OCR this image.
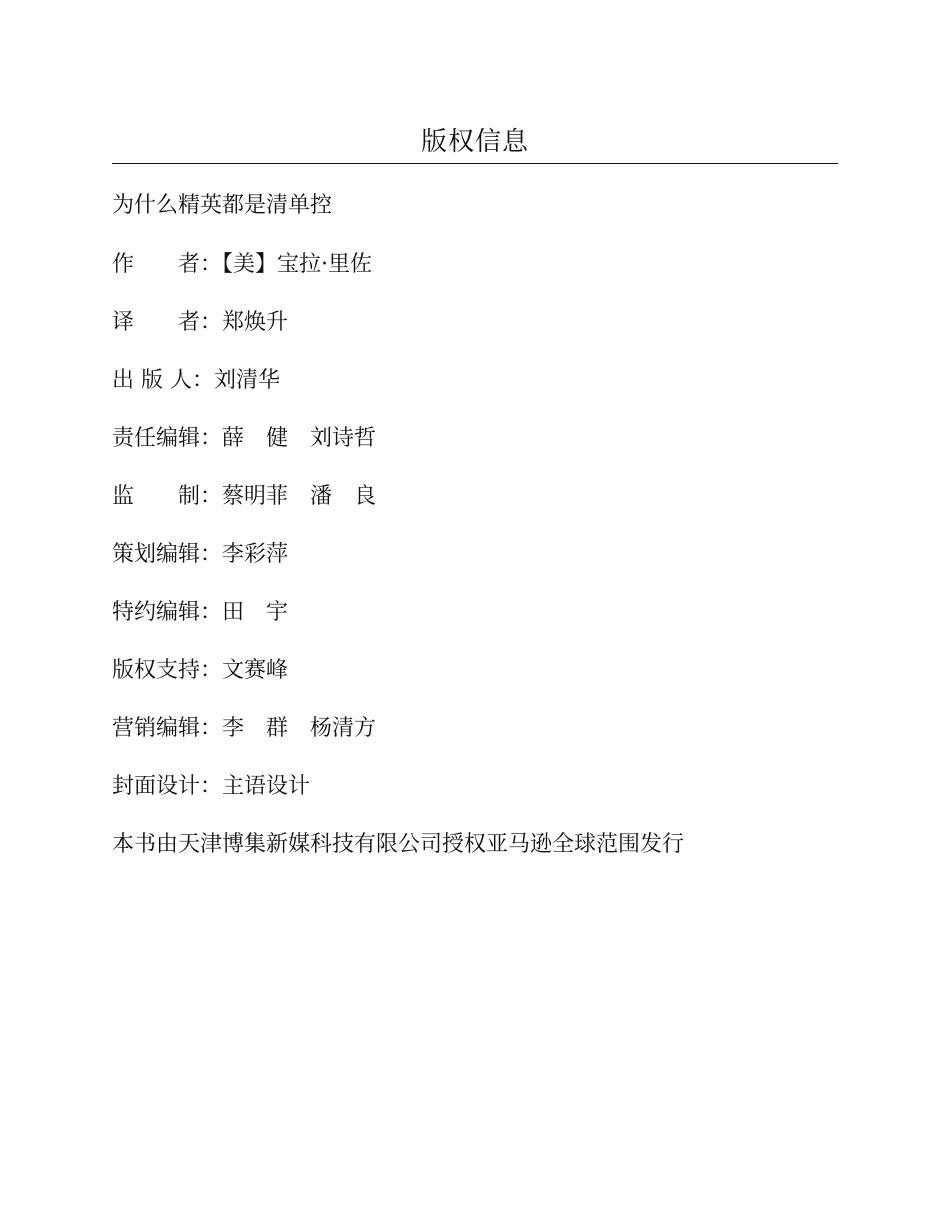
版权信息
为什么精英都是清单控
作　　者：【美】宝拉·里佐
译　　者：郑焕升
出 版 人：刘清华
责任编辑：薛　健　刘诗哲
监　　制：蔡明菲　潘　良
策划编辑：李彩萍
特约编辑：田　宇
版权支持：文赛峰
营销编辑：李　群　杨清方
封面设计：主语设计
本书由天津博集新媒科技有限公司授权亚马逊全球范围发行
